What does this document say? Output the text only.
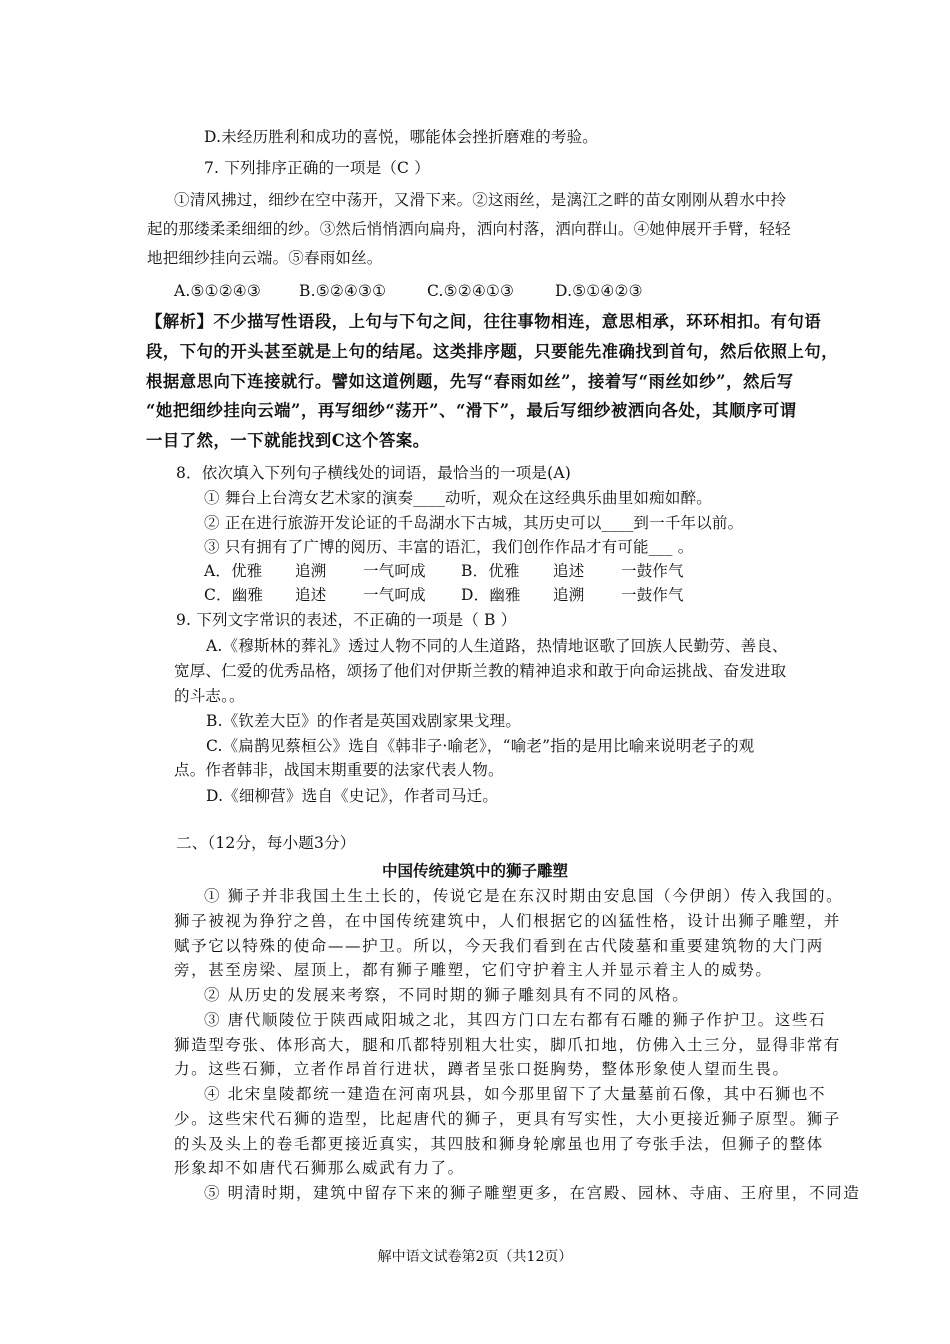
D.未经历胜利和成功的喜悦，哪能体会挫折磨难的考验。
7. 下列排序正确的一项是（C ）
①清风拂过，细纱在空中荡开，又滑下来。②这雨丝，是漓江之畔的苗女刚刚从碧水中拎
起的那缕柔柔细细的纱。③然后悄悄洒向扁舟，洒向村落，洒向群山。④她伸展开手臂，轻轻
地把细纱挂向云端。⑤春雨如丝。
A.⑤①②④③ B.⑤②④③①	C.⑤②④①③	D.⑤①④②③
【解析】不少描写性语段，上句与下句之间，往往事物相连，意思相承，环环相扣。有句语
段，下句的开头甚至就是上句的结尾。这类排序题，只要能先准确找到首句，然后依照上句，
根据意思向下连接就行。譬如这道例题，先写“春雨如丝”，接着写“雨丝如纱”，然后写
“她把细纱挂向云端”，再写细纱“荡开”、“滑下”，最后写细纱被洒向各处，其顺序可谓
一目了然，一下就能找到C这个答案。
8．依次填入下列句子横线处的词语，最恰当的一项是(A)
① 舞台上台湾女艺术家的演奏____动听，观众在这经典乐曲里如痴如醉。
② 正在进行旅游开发论证的千岛湖水下古城，其历史可以____到一千年以前。
③ 只有拥有了广博的阅历、丰富的语汇，我们创作作品才有可能___ 。
A．优雅 追溯 一气呵成 B．优雅 追述 一鼓作气
C．幽雅 追述 一气呵成 D．幽雅 追溯 一鼓作气
9. 下列文字常识的表述，不正确的一项是（ B ）
A.《穆斯林的葬礼》透过人物不同的人生道路，热情地讴歌了回族人民勤劳、善良、
宽厚、仁爱的优秀品格，颂扬了他们对伊斯兰教的精神追求和敢于向命运挑战、奋发进取
的斗志。。
B.《钦差大臣》的作者是英国戏剧家果戈理。
C.《扁鹊见蔡桓公》选自《韩非子·喻老》，“喻老”指的是用比喻来说明老子的观
点。作者韩非，战国末期重要的法家代表人物。
D.《细柳营》选自《史记》，作者司马迁。
二、（12分，每小题3分）
中国传统建筑中的狮子雕塑
① 狮子并非我国土生土长的，传说它是在东汉时期由安息国（今伊朗）传入我国的。
狮子被视为狰狞之兽，在中国传统建筑中，人们根据它的凶猛性格，设计出狮子雕塑，并
赋予它以特殊的使命——护卫。所以，今天我们看到在古代陵墓和重要建筑物的大门两
旁，甚至房梁、屋顶上，都有狮子雕塑，它们守护着主人并显示着主人的威势。
② 从历史的发展来考察，不同时期的狮子雕刻具有不同的风格。
③ 唐代顺陵位于陕西咸阳城之北，其四方门口左右都有石雕的狮子作护卫。这些石
狮造型夸张、体形高大，腿和爪都特别粗大壮实，脚爪扣地，仿佛入土三分，显得非常有
力。这些石狮，立者作昂首行进状，蹲者呈张口挺胸势，整体形象使人望而生畏。
④ 北宋皇陵都统一建造在河南巩县，如今那里留下了大量墓前石像，其中石狮也不
少。这些宋代石狮的造型，比起唐代的狮子，更具有写实性，大小更接近狮子原型。狮子
的头及头上的卷毛都更接近真实，其四肢和狮身轮廓虽也用了夸张手法，但狮子的整体
形象却不如唐代石狮那么威武有力了。
⑤ 明清时期，建筑中留存下来的狮子雕塑更多，在宫殿、园林、寺庙、王府里，不同造
解中语文试卷第2页（共12页）
